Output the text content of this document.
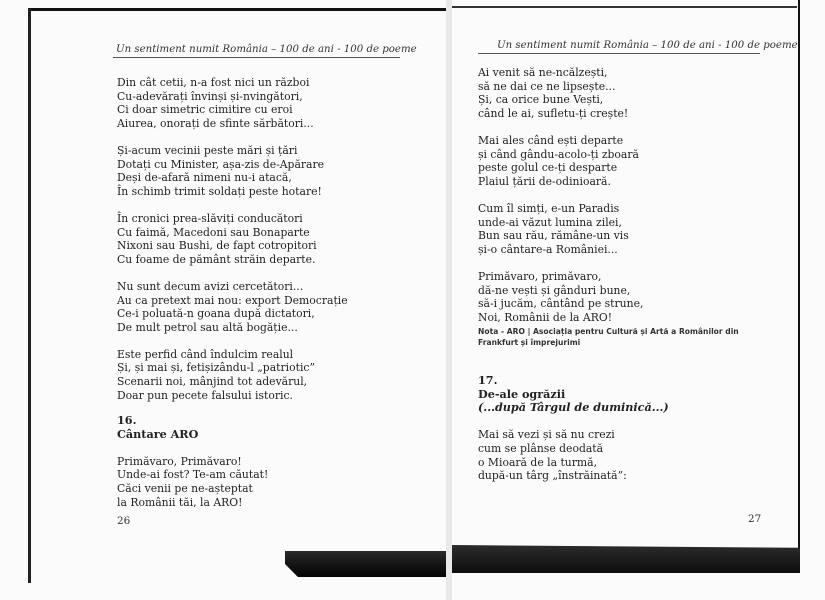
Un sentiment numit România – 100 de ani - 100 de poeme
Din cât cetii, n-a fost nici un război
Cu-adevărați învinși și-nvingători,
Ci doar simetric cimitire cu eroi
Aiurea, onorați de sfinte sărbători...
Și-acum vecinii peste mări și țări
Dotați cu Minister, așa-zis de-Apărare
Deși de-afară nimeni nu-i atacă,
În schimb trimit soldați peste hotare!
În cronici prea-slăviți conducători
Cu faimă, Macedoni sau Bonaparte
Nixoni sau Bushi, de fapt cotropitori
Cu foame de pământ străin departe.
Nu sunt decum avizi cercetători...
Au ca pretext mai nou: export Democrație
Ce-i poluată-n goana după dictatori,
De mult petrol sau altă bogăție...
Este perfid când îndulcim realul
Și, și mai și, fetișizându-l „patriotic”
Scenarii noi, mânjind tot adevărul,
Doar pun pecete falsului istoric.
16.
Cântare ARO
Primăvaro, Primăvaro!
Unde-ai fost? Te-am căutat!
Căci venii pe ne-așteptat
la Românii tăi, la ARO!
26
Un sentiment numit România – 100 de ani - 100 de poeme
Ai venit să ne-ncălzești,
să ne dai ce ne lipsește...
Și, ca orice bune Vești,
când le ai, sufletu-ți crește!
Mai ales când ești departe
și când gându-acolo-ți zboară
peste golul ce-ți desparte
Plaiul țării de-odinioară.
Cum îl simți, e-un Paradis
unde-ai văzut lumina zilei,
Bun sau rău, rămâne-un vis
și-o cântare-a României...
Primăvaro, primăvaro,
dă-ne vești și gânduri bune,
să-i jucăm, cântând pe strune,
Noi, Românii de la ARO!
Nota - ARO | Asociația pentru Cultură și Artă a Românilor din
Frankfurt și împrejurimi
17.
De-ale ogrăzii
(...după Târgul de duminică...)
Mai să vezi și să nu crezi
cum se plânse deodată
o Mioară de la turmă,
după-un târg „înstrăinată”:
27
